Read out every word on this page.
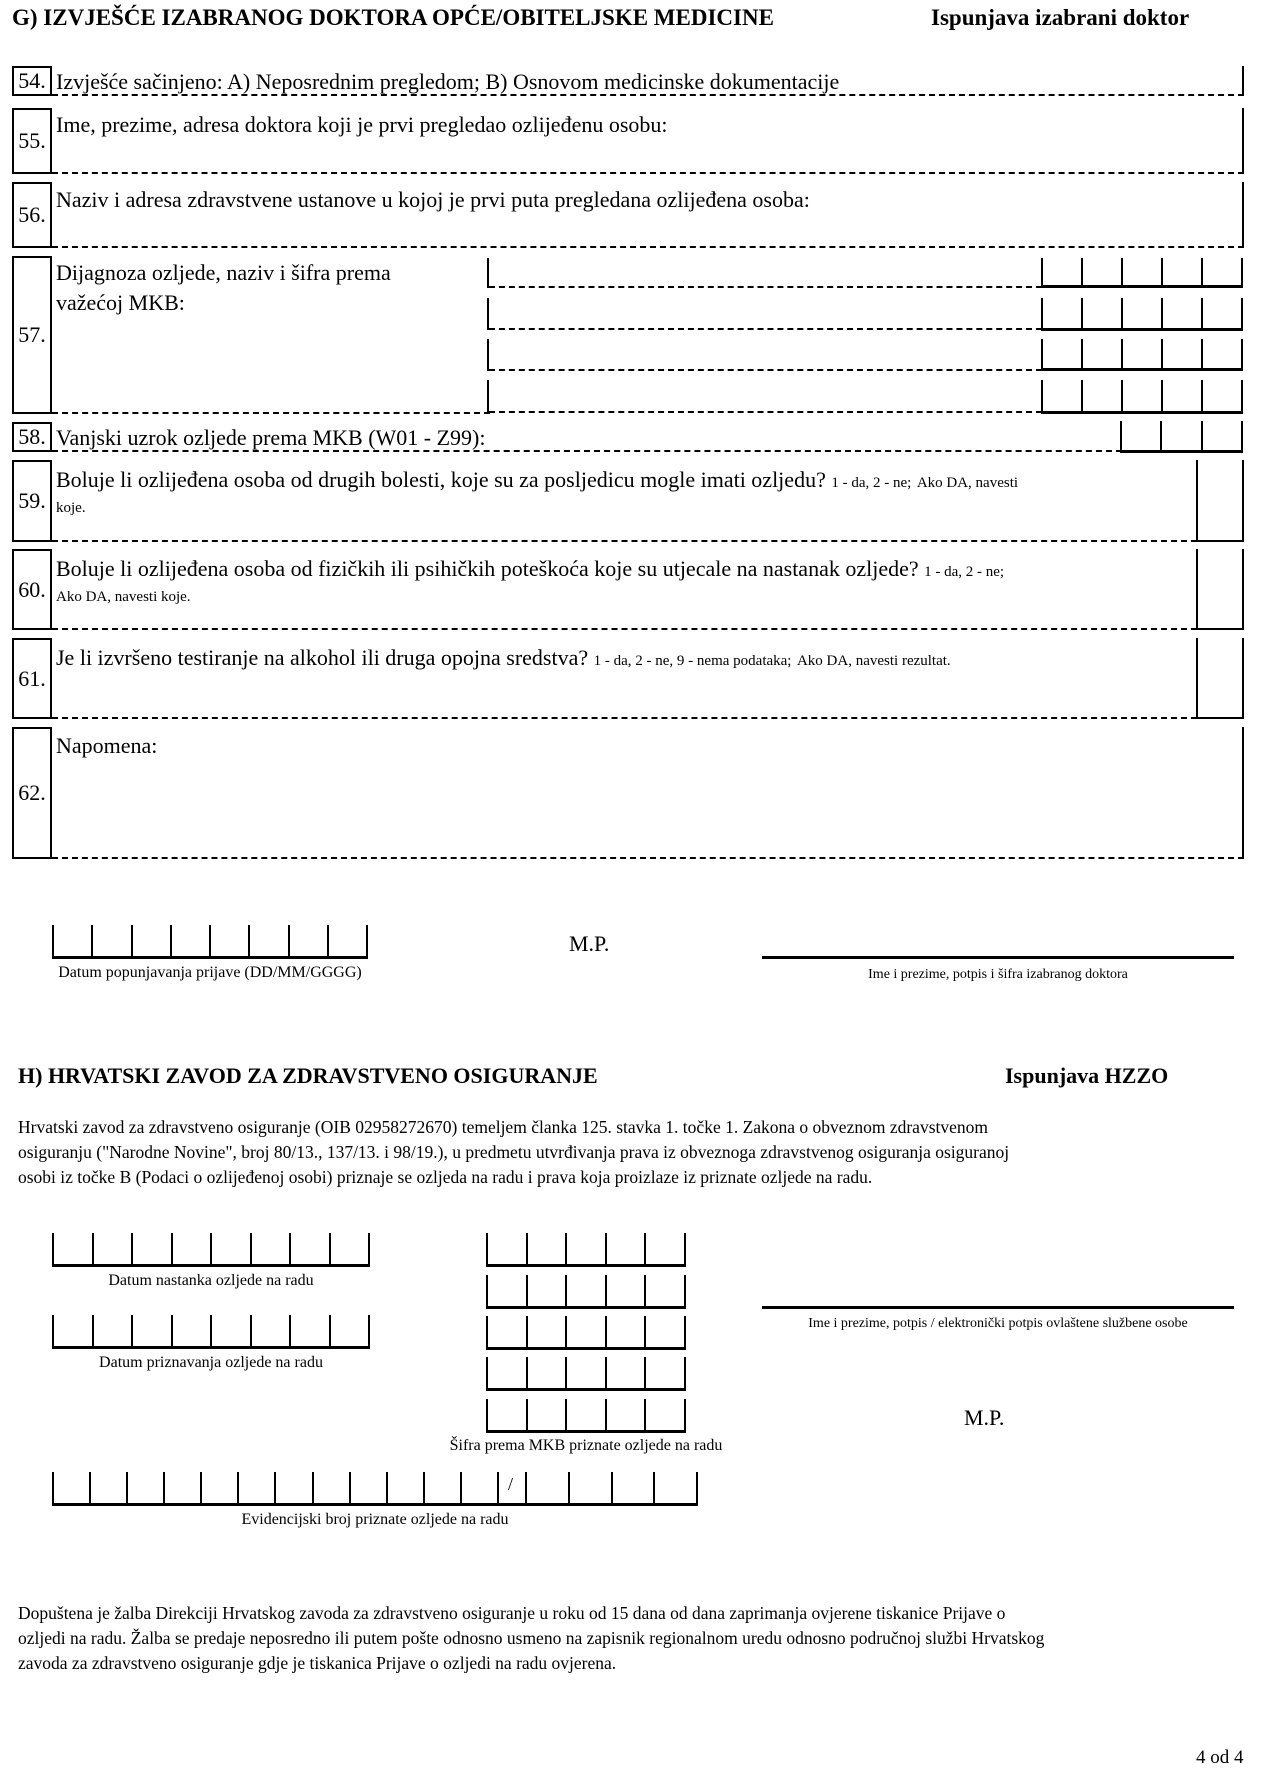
G) IZVJEŠĆE IZABRANOG DOKTORA OPĆE/OBITELJSKE MEDICINE	Ispunjava izabrani doktor
54. Izvješće sačinjeno: A) Neposrednim pregledom; B) Osnovom medicinske dokumentacije
55.
Ime, prezime, adresa doktora koji je prvi pregledao ozlijeđenu osobu:
56.
Naziv i adresa zdravstvene ustanove u kojoj je prvi puta pregledana ozlijeđena osoba:
57.
Dijagnoza ozljede, naziv i šifra prema
važećoj MKB:
58. Vanjski uzrok ozljede prema MKB (W01 - Z99):
59.
Boluje li ozlijeđena osoba od drugih bolesti, koje su za posljedicu mogle imati ozljedu? 1 - da, 2 - ne; Ako DA, navesti
koje.
60.
Boluje li ozlijeđena osoba od fizičkih ili psihičkih poteškoća koje su utjecale na nastanak ozljede? 1 - da, 2 - ne;
Ako DA, navesti koje.
61.
Je li izvršeno testiranje na alkohol ili druga opojna sredstva? 1 - da, 2 - ne, 9 - nema podataka; Ako DA, navesti rezultat.
62.
Napomena:
Datum popunjavanja prijave (DD/MM/GGGG)
M.P.
Ime i prezime, potpis i šifra izabranog doktora
H) HRVATSKI ZAVOD ZA ZDRAVSTVENO OSIGURANJE	Ispunjava HZZO
Hrvatski zavod za zdravstveno osiguranje (OIB 02958272670) temeljem članka 125. stavka 1. točke 1. Zakona o obveznom zdravstvenom
osiguranju ("Narodne Novine", broj 80/13., 137/13. i 98/19.), u predmetu utvrđivanja prava iz obveznoga zdravstvenog osiguranja osiguranoj
osobi iz točke B (Podaci o ozlijeđenoj osobi) priznaje se ozljeda na radu i prava koja proizlaze iz priznate ozljede na radu.
Datum nastanka ozljede na radu
Datum priznavanja ozljede na radu
Šifra prema MKB priznate ozljede na radu
/
Evidencijski broj priznate ozljede na radu
Ime i prezime, potpis / elektronički potpis ovlaštene službene osobe
M.P.
Dopuštena je žalba Direkciji Hrvatskog zavoda za zdravstveno osiguranje u roku od 15 dana od dana zaprimanja ovjerene tiskanice Prijave o
ozljedi na radu. Žalba se predaje neposredno ili putem pošte odnosno usmeno na zapisnik regionalnom uredu odnosno područnoj službi Hrvatskog
zavoda za zdravstveno osiguranje gdje je tiskanica Prijave o ozljedi na radu ovjerena.
4 od 4
